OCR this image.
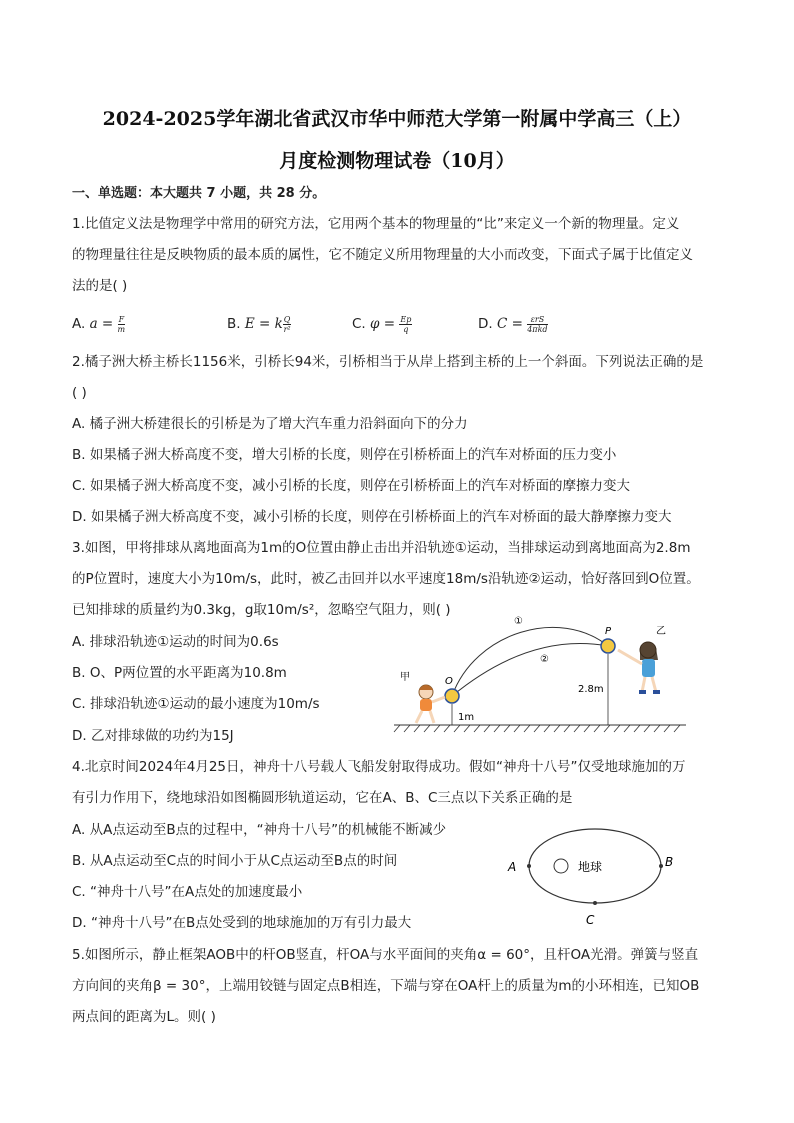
2024-2025学年湖北省武汉市华中师范大学第一附属中学高三（上）
月度检测物理试卷（10月）
一、单选题：本大题共 7 小题，共 28 分。
1.比值定义法是物理学中常用的研究方法，它用两个基本的物理量的“比”来定义一个新的物理量。定义
的物理量往往是反映物质的最本质的属性，它不随定义所用物理量的大小而改变，下面式子属于比值定义
法的是( )
A. $a = \frac{F}{m}$	B. E = k $\frac{Q}{\text{r²}}$	C. $\varphi = \frac{Ep}{q}$	D. $C = \frac{\text{εrS}}{\text{4πkd}}$
2.橘子洲大桥主桥长1156米，引桥长94米，引桥相当于从岸上搭到主桥的上一个斜面。下列说法正确的是
( )
A. 橘子洲大桥建很长的引桥是为了增大汽车重力沿斜面向下的分力
B. 如果橘子洲大桥高度不变，增大引桥的长度，则停在引桥桥面上的汽车对桥面的压力变小
C. 如果橘子洲大桥高度不变，减小引桥的长度，则停在引桥桥面上的汽车对桥面的摩擦力变大
D. 如果橘子洲大桥高度不变，减小引桥的长度，则停在引桥桥面上的汽车对桥面的最大静摩擦力变大
3.如图，甲将排球从离地面高为1m的O位置由静止击出并沿轨迹①运动，当排球运动到离地面高为2.8m
的P位置时，速度大小为10m/s，此时，被乙击回并以水平速度18m/s沿轨迹②运动，恰好落回到O位置。
已知排球的质量约为0.3kg，g取10m/s²，忽略空气阻力，则( )
A. 排球沿轨迹①运动的时间为0.6s
B. O、P两位置的水平距离为10.8m
C. 排球沿轨迹①运动的最小速度为10m/s
D. 乙对排球做的功约为15J
①
②
O
P
1m
2.8m
甲
乙
4.北京时间2024年4月25日，神舟十八号载人飞船发射取得成功。假如“神舟十八号”仅受地球施加的万
有引力作用下，绕地球沿如图椭圆形轨道运动，它在A、B、C三点以下关系正确的是
A. 从A点运动至B点的过程中，“神舟十八号”的机械能不断减少
B. 从A点运动至C点的时间小于从C点运动至B点的时间
C. “神舟十八号”在A点处的加速度最小
D. “神舟十八号”在B点处受到的地球施加的万有引力最大
地球
A	B
C
5.如图所示，静止框架AOB中的杆OB竖直，杆OA与水平面间的夹角α = 60°，且杆OA光滑。弹簧与竖直
方向间的夹角β = 30°，上端用铰链与固定点B相连，下端与穿在OA杆上的质量为m的小环相连，已知OB
两点间的距离为L。则( )
